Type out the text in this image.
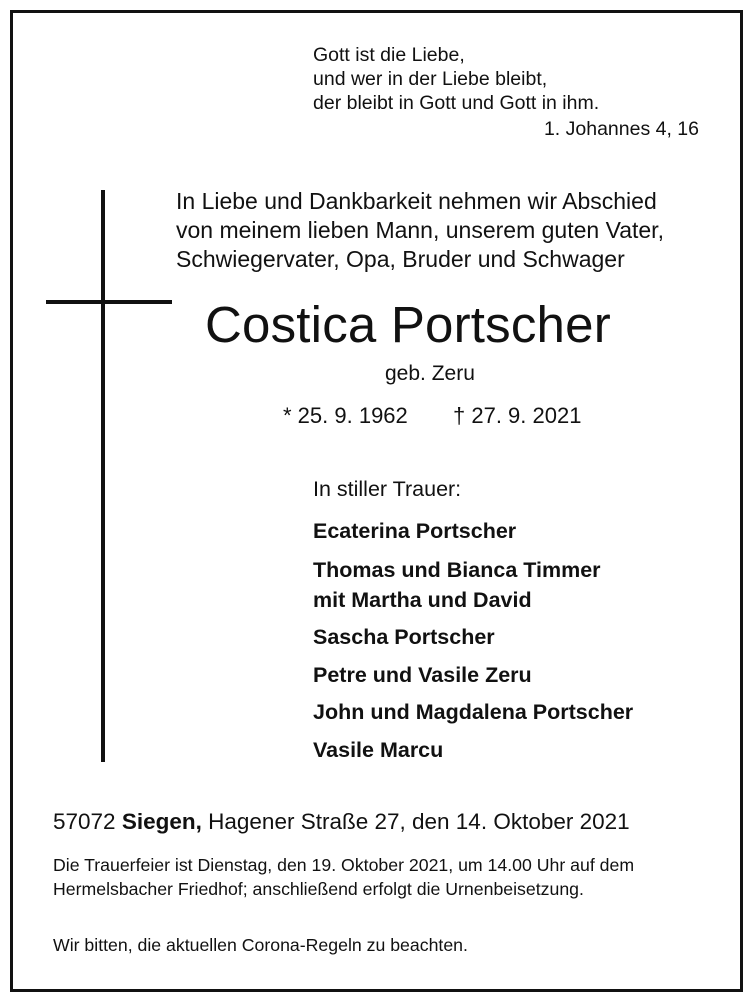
Gott ist die Liebe,
und wer in der Liebe bleibt,
der bleibt in Gott und Gott in ihm.
1. Johannes 4, 16
In Liebe und Dankbarkeit nehmen wir Abschied
von meinem lieben Mann, unserem guten Vater,
Schwiegervater, Opa, Bruder und Schwager
Costica Portscher
geb. Zeru
* 25. 9. 1962 † 27. 9. 2021
In stiller Trauer:
Ecaterina Portscher
Thomas und Bianca Timmer
mit Martha und David
Sascha Portscher
Petre und Vasile Zeru
John und Magdalena Portscher
Vasile Marcu
57072 Siegen, Hagener Straße 27, den 14. Oktober 2021
Die Trauerfeier ist Dienstag, den 19. Oktober 2021, um 14.00 Uhr auf dem Hermelsbacher Friedhof; anschließend erfolgt die Urnenbeisetzung.
Wir bitten, die aktuellen Corona-Regeln zu beachten.
